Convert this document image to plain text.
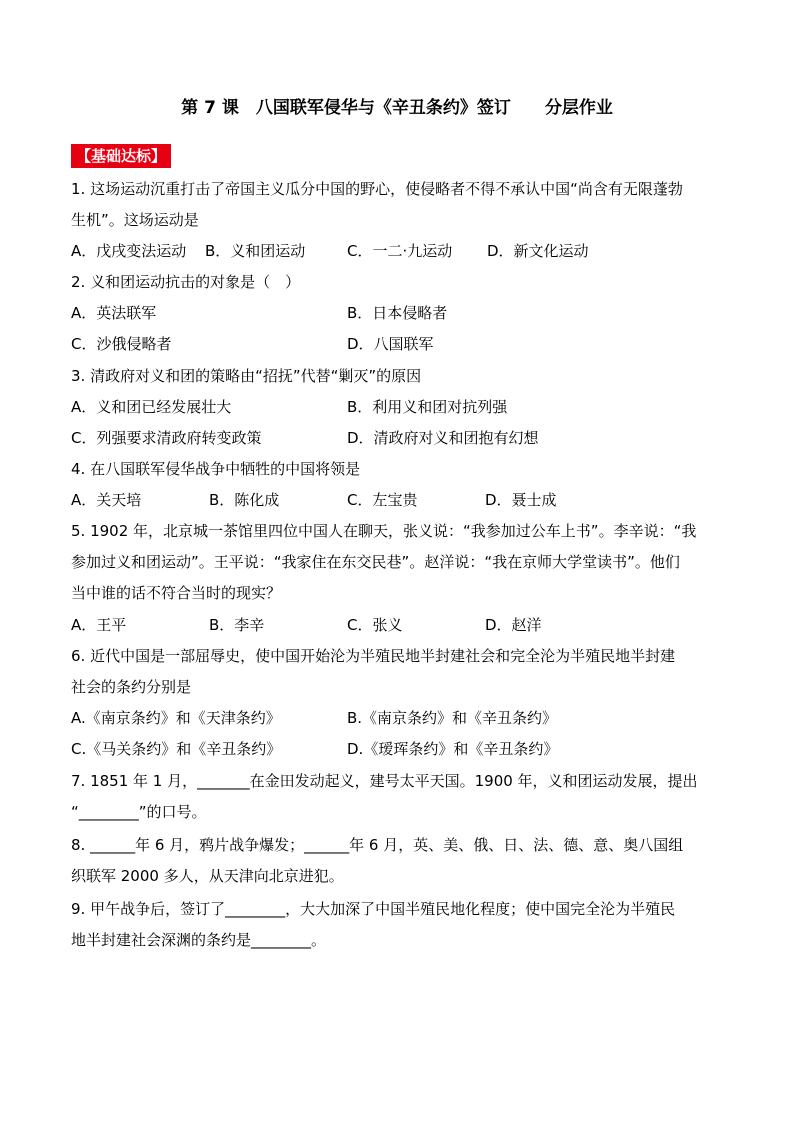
第 7 课　八国联军侵华与《辛丑条约》签订　　分层作业
【基础达标】
1. 这场运动沉重打击了帝国主义瓜分中国的野心，使侵略者不得不承认中国“尚含有无限蓬勃
生机”。这场运动是
A．戊戌变法运动 B．义和团运动	C．一二·九运动 D．新文化运动
2. 义和团运动抗击的对象是（　）
A．英法联军	B．日本侵略者
C．沙俄侵略者	D．八国联军
3. 清政府对义和团的策略由“招抚”代替“剿灭”的原因
A．义和团已经发展壮大	B．利用义和团对抗列强
C．列强要求清政府转变政策	D．清政府对义和团抱有幻想
4. 在八国联军侵华战争中牺牲的中国将领是
A．关天培	B．陈化成	C．左宝贵	D．聂士成
5. 1902 年，北京城一茶馆里四位中国人在聊天，张义说：“我参加过公车上书”。李辛说：“我
参加过义和团运动”。王平说：“我家住在东交民巷”。赵洋说：“我在京师大学堂读书”。他们
当中谁的话不符合当时的现实？
A．王平	B．李辛	C．张义	D．赵洋
6. 近代中国是一部屈辱史，使中国开始沦为半殖民地半封建社会和完全沦为半殖民地半封建
社会的条约分别是
A.《南京条约》和《天津条约》	B.《南京条约》和《辛丑条约》
C.《马关条约》和《辛丑条约》	D.《瑷珲条约》和《辛丑条约》
7. 1851 年 1 月，_______在金田发动起义，建号太平天国。1900 年，义和团运动发展，提出
“________”的口号。
8. ______年 6 月，鸦片战争爆发；______年 6 月，英、美、俄、日、法、德、意、奥八国组
织联军 2000 多人，从天津向北京进犯。
9. 甲午战争后，签订了________，大大加深了中国半殖民地化程度；使中国完全沦为半殖民
地半封建社会深渊的条约是________。
